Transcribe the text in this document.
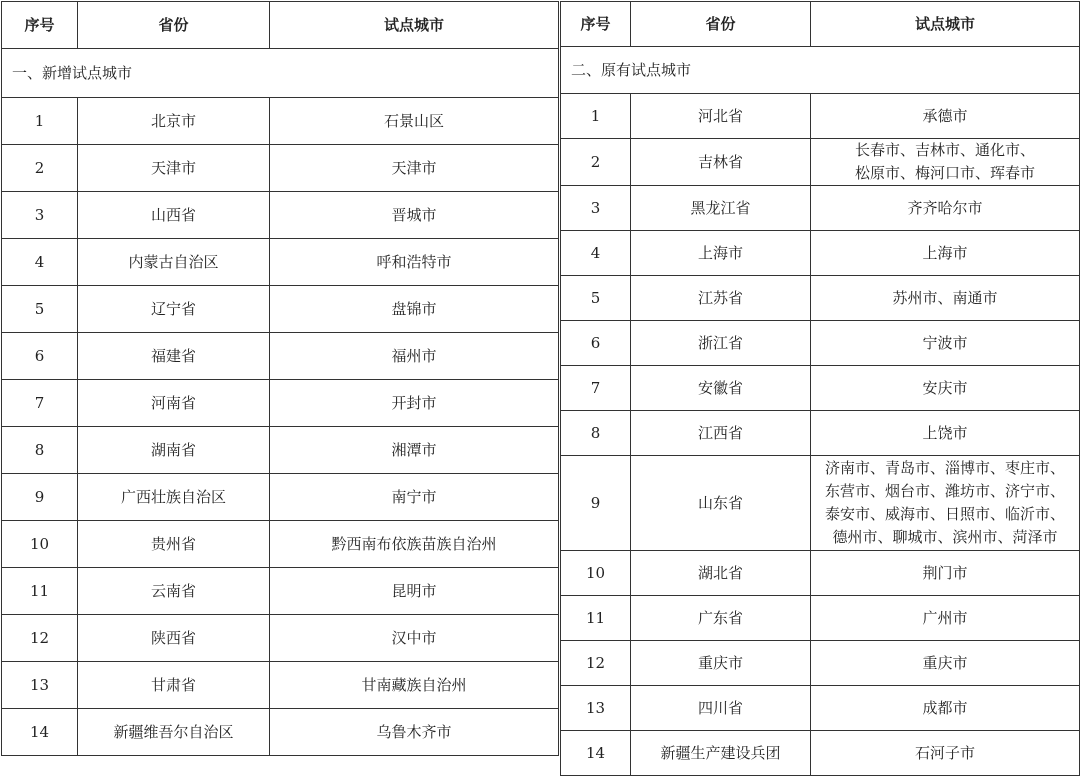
序号	省份	试点城市
一、新增试点城市		
1	北京市	石景山区
2	天津市	天津市
3	山西省	晋城市
4	内蒙古自治区	呼和浩特市
5	辽宁省	盘锦市
6	福建省	福州市
7	河南省	开封市
8	湖南省	湘潭市
9	广西壮族自治区	南宁市
10	贵州省	黔西南布依族苗族自治州
11	云南省	昆明市
12	陕西省	汉中市
13	甘肃省	甘南藏族自治州
14	新疆维吾尔自治区	乌鲁木齐市
序号	省份	试点城市
二、原有试点城市		
1	河北省	承德市

2	吉林省	长春市、吉林市、通化市、
松原市、梅河口市、珲春市

3	黑龙江省	齐齐哈尔市

4	上海市	上海市

5	江苏省	苏州市、南通市

6	浙江省	宁波市

7	安徽省	安庆市

8	江西省	上饶市

9	山东省	济南市、青岛市、淄博市、枣庄市、
东营市、烟台市、潍坊市、济宁市、
泰安市、威海市、日照市、临沂市、
德州市、聊城市、滨州市、菏泽市

10	湖北省	荆门市

11	广东省	广州市

12	重庆市	重庆市

13	四川省	成都市

14	新疆生产建设兵团	石河子市
